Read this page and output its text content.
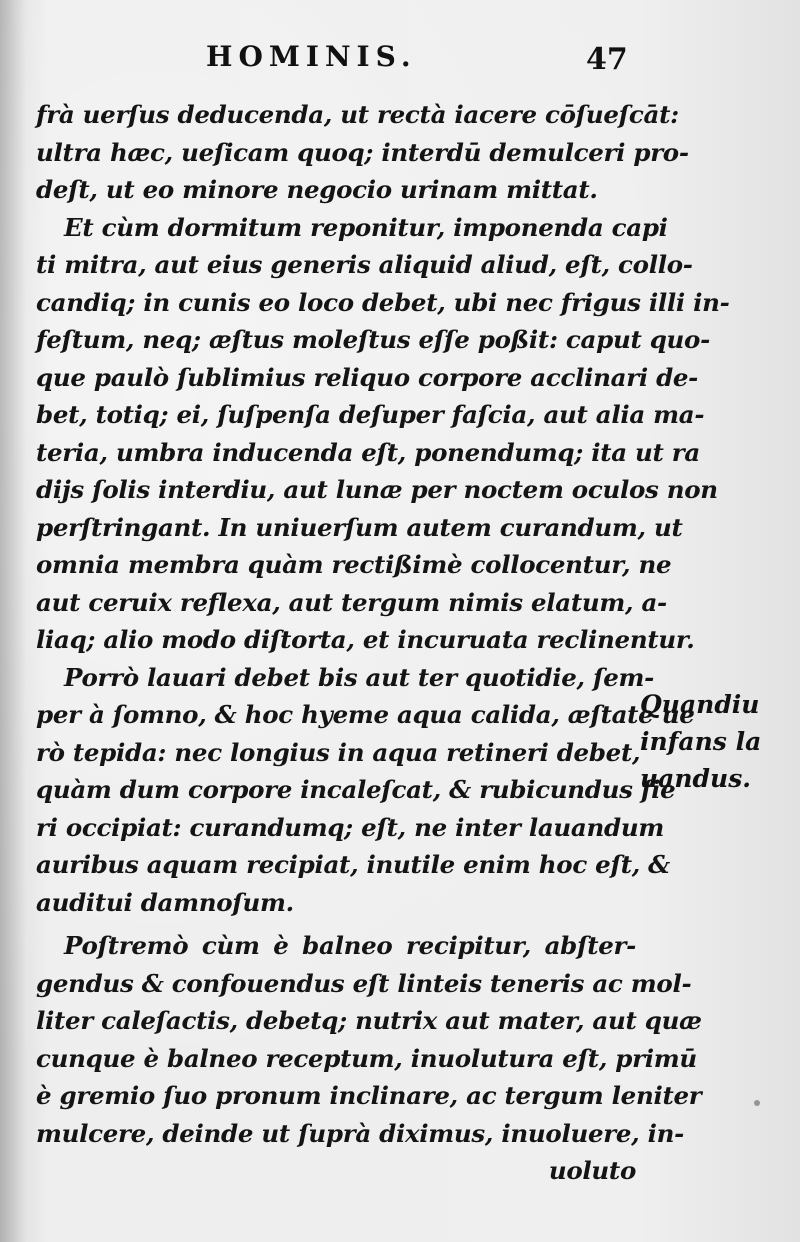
HOMINIS.	47
frà uerſus deducenda, ut rectà iacere cōſueſcāt:
ultra hæc, ueſicam quoq; interdū demulceri pro-
deſt, ut eo minore negocio urinam mittat.
Et cùm dormitum reponitur, imponenda capi
ti mitra, aut eius generis aliquid aliud, eſt, collo-
candiq; in cunis eo loco debet, ubi nec frigus illi in-
feſtum, neq; æſtus moleſtus eſſe poßit: caput quo-
que paulò ſublimius reliquo corpore acclinari de-
bet, totiq; ei, ſuſpenſa deſuper faſcia, aut alia ma-
teria, umbra inducenda eſt, ponendumq; ita ut ra
dijs ſolis interdiu, aut lunæ per noctem oculos non
perſtringant. In uniuerſum autem curandum, ut
omnia membra quàm rectißimè collocentur, ne
aut ceruix reflexa, aut tergum nimis elatum, a-
liaq; alio modo diſtorta, et incuruata reclinentur.
Porrò lauari debet bis aut ter quotidie, ſem-
per à ſomno, & hoc hyeme aqua calida, æſtate ue
rò tepida: nec longius in aqua retineri debet,
quàm dum corpore incaleſcat, & rubicundus fie
ri occipiat: curandumq; eſt, ne inter lauandum
auribus aquam recipiat, inutile enim hoc eſt, &
auditui damnoſum.
Poſtremò cùm è balneo recipitur, abſter-
gendus & confouendus eſt linteis teneris ac mol-
liter caleſactis, debetq; nutrix aut mater, aut quæ
cunque è balneo receptum, inuolutura eſt, primū
è gremio ſuo pronum inclinare, ac tergum leniter
mulcere, deinde ut ſuprà diximus, inuoluere, in-
uoluto
Quandiu
infans la
uandus.
